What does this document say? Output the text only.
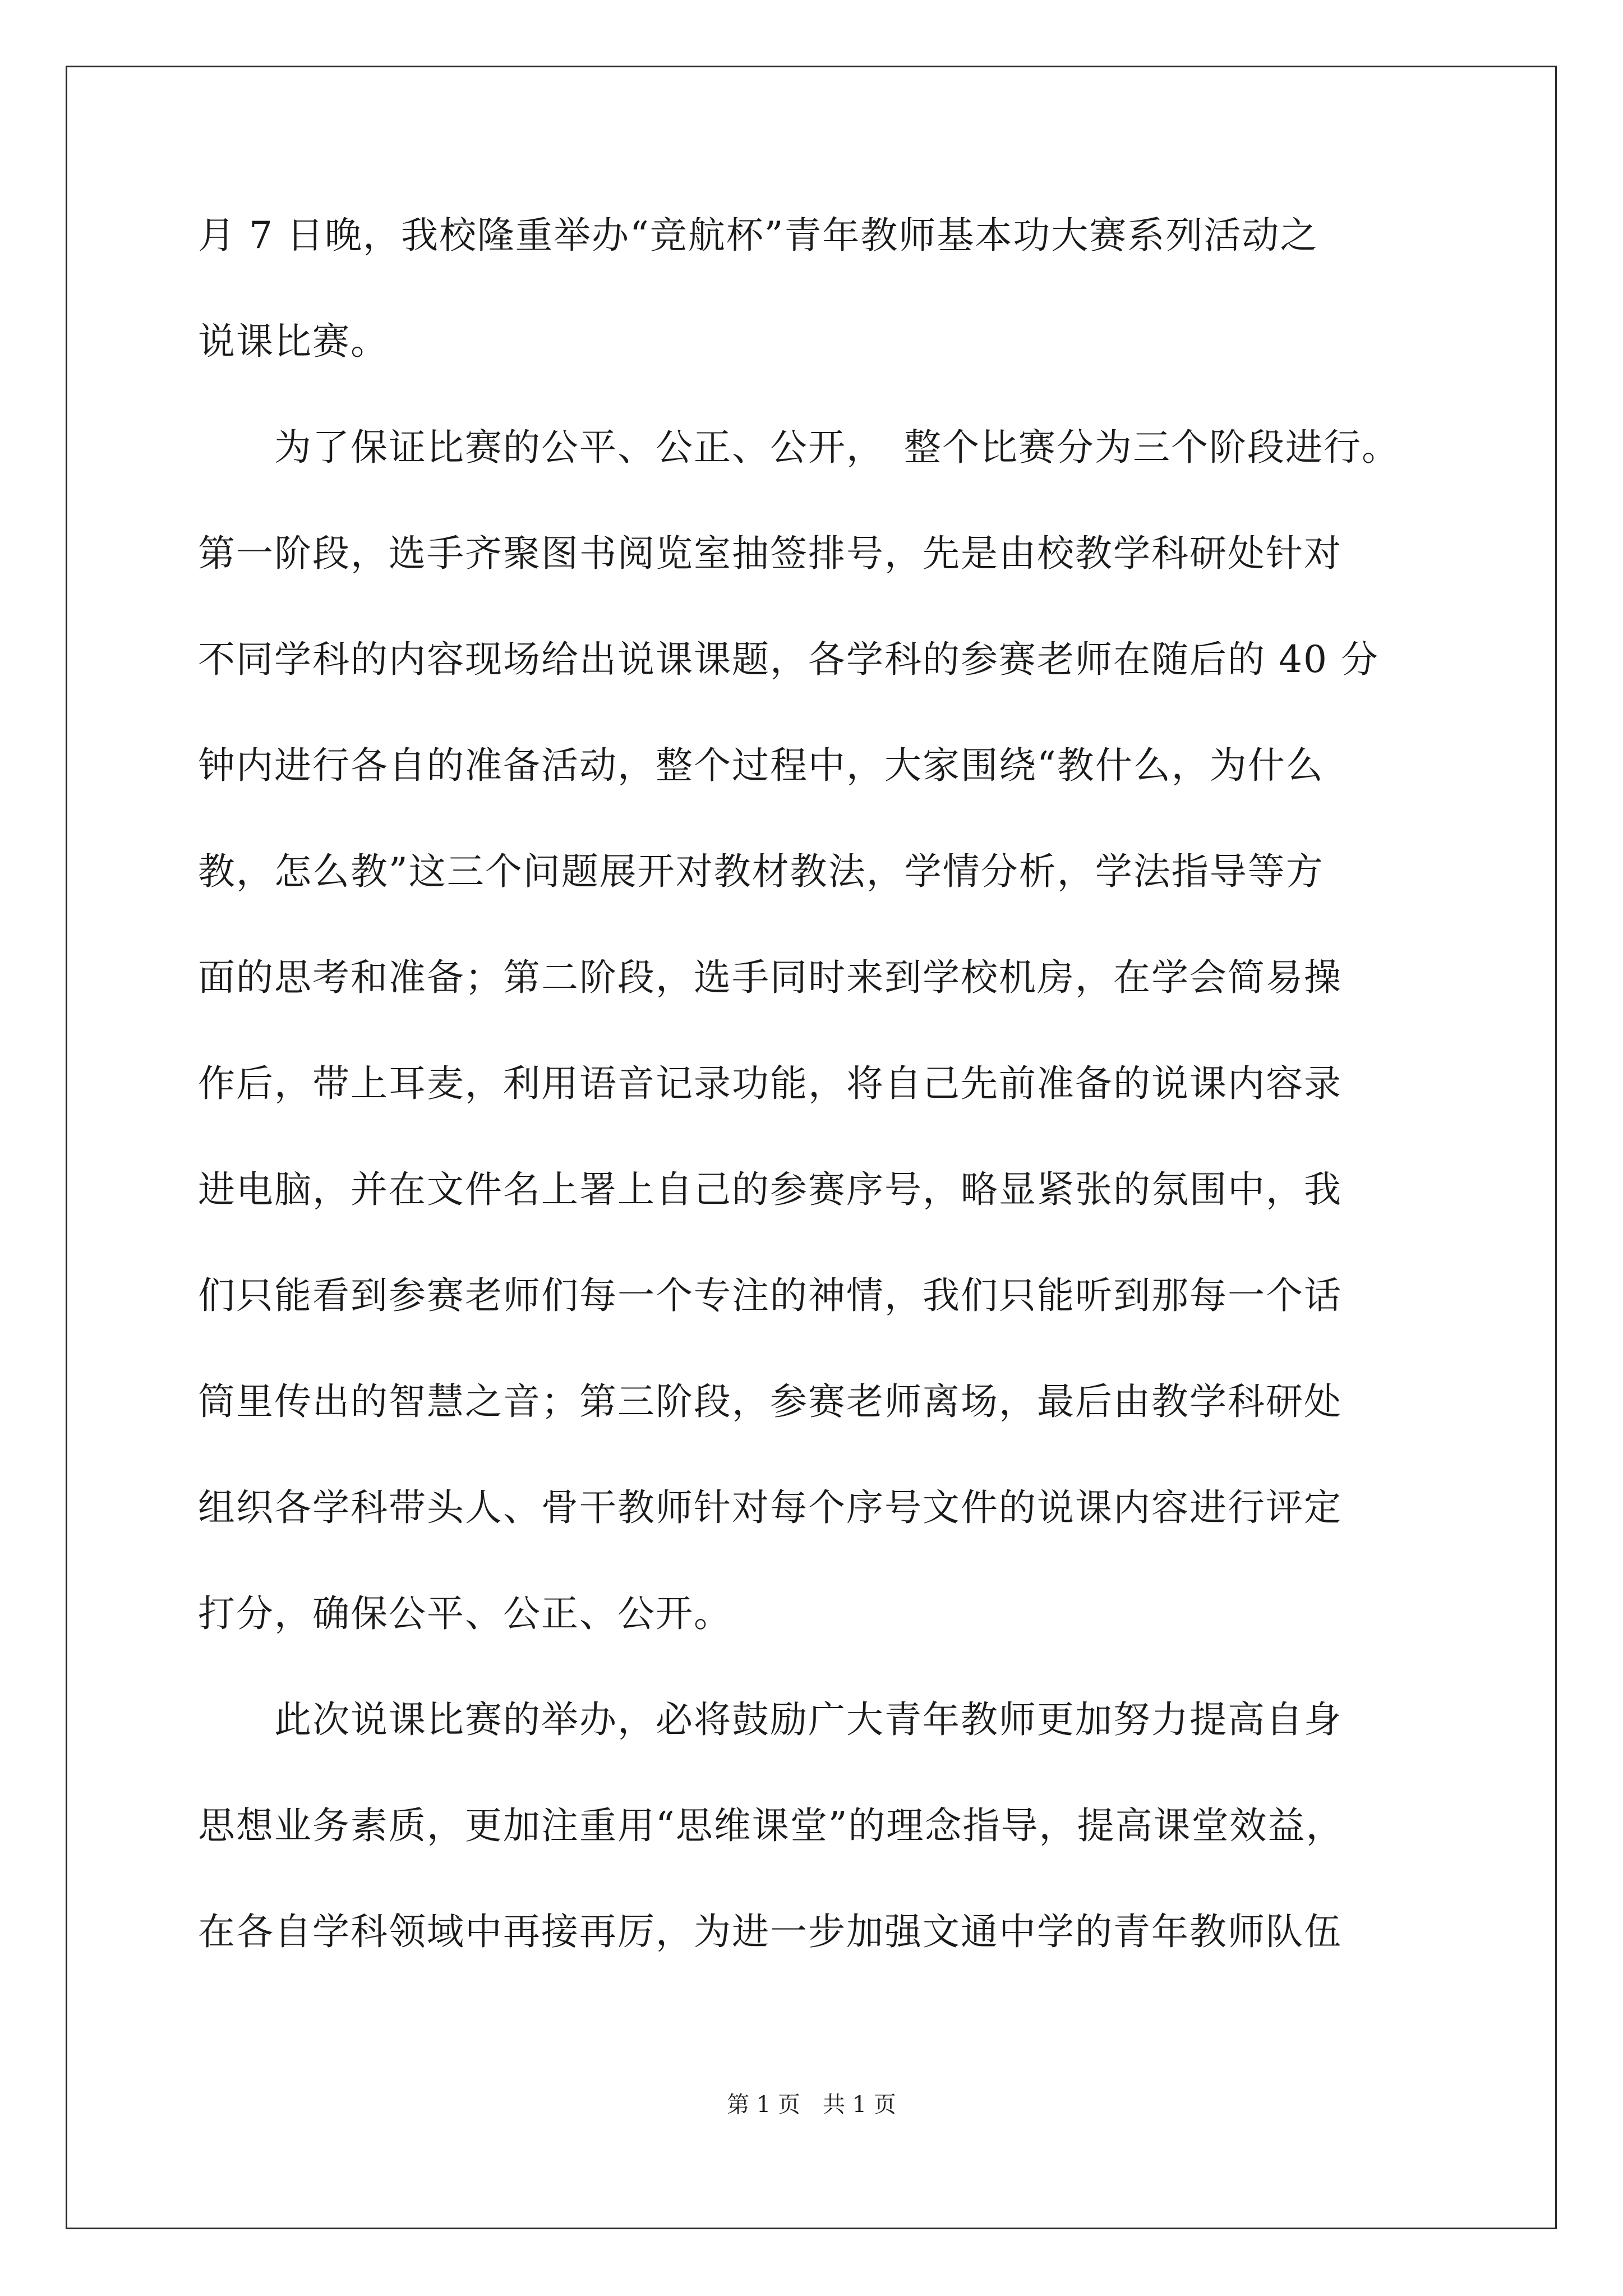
月 7 日晚，我校隆重举办“竞航杯”青年教师基本功大赛系列活动之
说课比赛。
　　为了保证比赛的公平、公正、公开，　整个比赛分为三个阶段进行。
第一阶段，选手齐聚图书阅览室抽签排号，先是由校教学科研处针对
不同学科的内容现场给出说课课题，各学科的参赛老师在随后的 40 分
钟内进行各自的准备活动，整个过程中，大家围绕“教什么，为什么
教，怎么教”这三个问题展开对教材教法，学情分析，学法指导等方
面的思考和准备；第二阶段，选手同时来到学校机房，在学会简易操
作后，带上耳麦，利用语音记录功能，将自己先前准备的说课内容录
进电脑，并在文件名上署上自己的参赛序号，略显紧张的氛围中，我
们只能看到参赛老师们每一个专注的神情，我们只能听到那每一个话
筒里传出的智慧之音；第三阶段，参赛老师离场，最后由教学科研处
组织各学科带头人、骨干教师针对每个序号文件的说课内容进行评定
打分，确保公平、公正、公开。
　　此次说课比赛的举办，必将鼓励广大青年教师更加努力提高自身
思想业务素质，更加注重用“思维课堂”的理念指导，提高课堂效益，
在各自学科领域中再接再厉，为进一步加强文通中学的青年教师队伍
第 1 页　共 1 页
